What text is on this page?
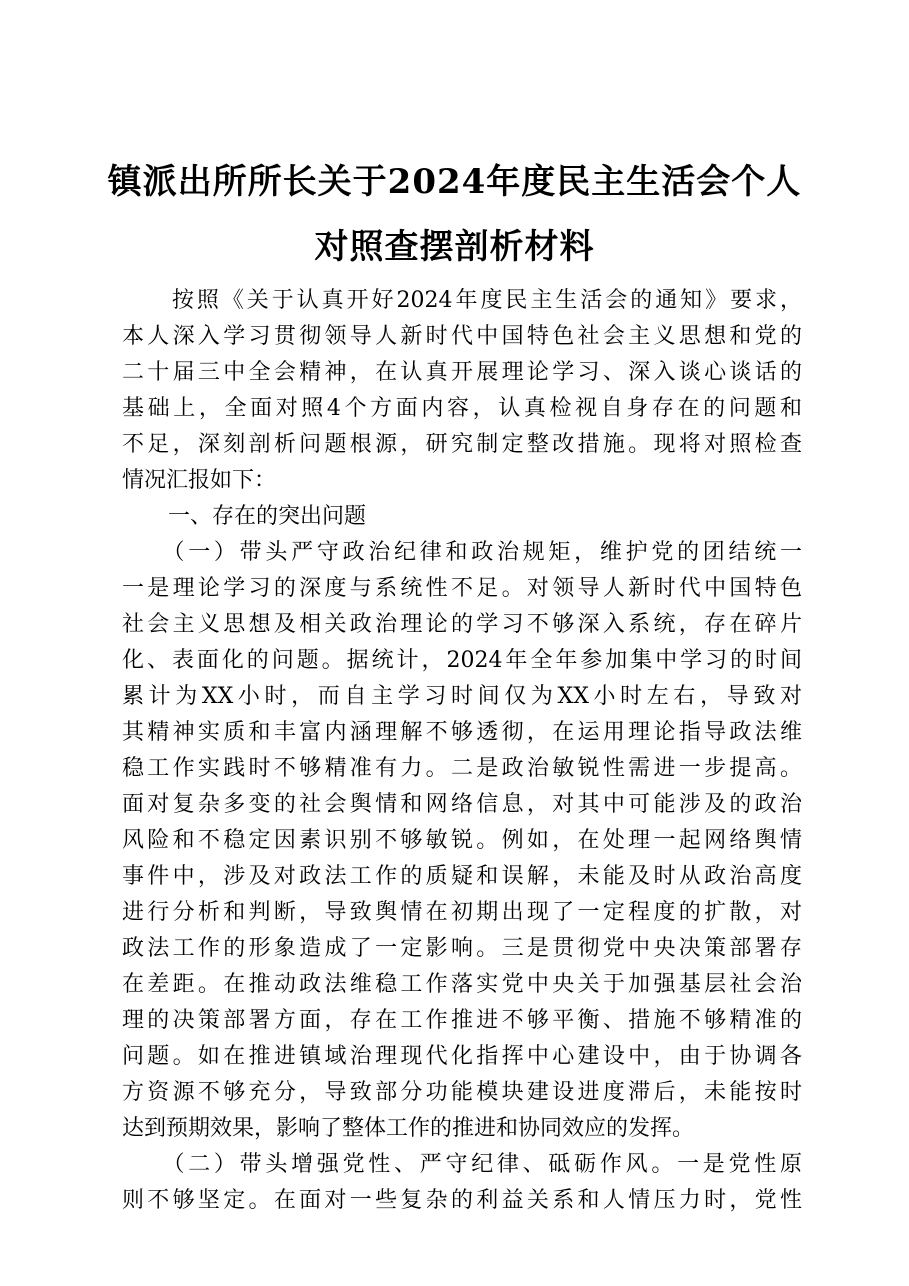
镇派出所所长关于2024年度民主生活会个人
对照查摆剖析材料
　　按照《关于认真开好2024年度民主生活会的通知》要求，
本人深入学习贯彻领导人新时代中国特色社会主义思想和党的
二十届三中全会精神，在认真开展理论学习、深入谈心谈话的
基础上，全面对照4个方面内容，认真检视自身存在的问题和
不足，深刻剖析问题根源，研究制定整改措施。现将对照检查
情况汇报如下：
一、存在的突出问题
　　（一）带头严守政治纪律和政治规矩，维护党的团结统一
一是理论学习的深度与系统性不足。对领导人新时代中国特色
社会主义思想及相关政治理论的学习不够深入系统，存在碎片
化、表面化的问题。据统计，2024年全年参加集中学习的时间
累计为XX小时，而自主学习时间仅为XX小时左右，导致对
其精神实质和丰富内涵理解不够透彻，在运用理论指导政法维
稳工作实践时不够精准有力。二是政治敏锐性需进一步提高。
面对复杂多变的社会舆情和网络信息，对其中可能涉及的政治
风险和不稳定因素识别不够敏锐。例如，在处理一起网络舆情
事件中，涉及对政法工作的质疑和误解，未能及时从政治高度
进行分析和判断，导致舆情在初期出现了一定程度的扩散，对
政法工作的形象造成了一定影响。三是贯彻党中央决策部署存
在差距。在推动政法维稳工作落实党中央关于加强基层社会治
理的决策部署方面，存在工作推进不够平衡、措施不够精准的
问题。如在推进镇域治理现代化指挥中心建设中，由于协调各
方资源不够充分，导致部分功能模块建设进度滞后，未能按时
达到预期效果，影响了整体工作的推进和协同效应的发挥。
　　（二）带头增强党性、严守纪律、砥砺作风。一是党性原
则不够坚定。在面对一些复杂的利益关系和人情压力时，党性
